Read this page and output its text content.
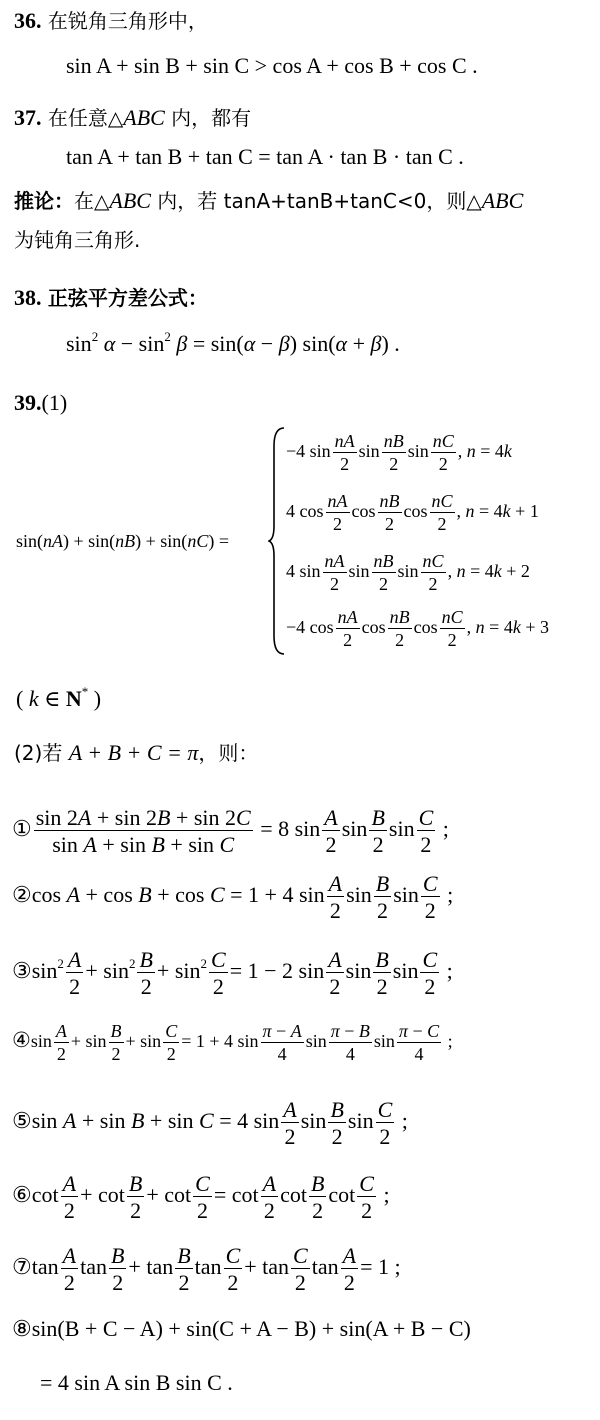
36. 在锐角三角形中，
sin A + sin B + sin C > cos A + cos B + cos C .
37. 在任意△ABC 内，都有
tan A + tan B + tan C = tan A · tan B · tan C .
推论：在△ABC 内，若 tanA+tanB+tanC<0，则△ABC
为钝角三角形.
38. 正弦平方差公式：
$\sin^2 \alpha - \sin^2 \beta = \sin(\alpha - \beta) \sin(\alpha + \beta)$ .
39.(1)
sin(nA) + sin(nB) + sin(nC) =
−4 $\sin \frac{nA}{2}$ $\sin \frac{nB}{2}$ $\sin \frac{nC}{2}$ , n = 4k
4 $\cos \frac{nA}{2}$ $\cos \frac{nB}{2}$ $\cos \frac{nC}{2}$ , n = 4k + 1
4 $\sin \frac{nA}{2}$ $\sin \frac{nB}{2}$ $\sin \frac{nC}{2}$ , n = 4k + 2
−4 $\cos \frac{nA}{2}$ $\cos \frac{nB}{2}$ $\cos \frac{nC}{2}$ , n = 4k + 3
( k ∈ N* )
(2)若 A + B + C = π，则：
① $\frac{\sin 2A + \sin 2B + \sin 2C}{\text{sin A + sin B + sin C}} = 8$ $\sin \frac{A}{2}$ $\sin \frac{B}{2}$ $\sin \frac{C}{2}$ ;
②cos A + cos B + cos C = 1 + 4 $\sin \frac{A}{2}$ $\sin \frac{B}{2}$ $\sin \frac{C}{2}$ ;
$③\sin^2 \frac{A}{2} + \sin^2 \frac{B}{2} + \sin^2 \frac{C}{2} = 1 - 2$ $\sin \frac{A}{2}$ $\sin \frac{B}{2}$ $\sin \frac{C}{2}$ ;
④sin $\frac{A}{2} + \sin \frac{B}{2} + \sin \frac{C}{2} = 1 + 4$ $\sin \frac{\pi - A}{4}$ $\sin \frac{\pi - B}{4}$ $\sin \frac{\pi - C}{4}$ ;
⑤sin A + sin B + sin C = 4 $\sin \frac{A}{2}$ $\sin \frac{B}{2}$ $\sin \frac{C}{2}$ ;
⑥cot $\frac{A}{2} + \cot \frac{B}{2} + \cot \frac{C}{2} = \cot \frac{A}{2}$ $\cot \frac{B}{2}$ $\cot \frac{C}{2}$ ;
⑦tan $\frac{A}{2}$ $\tan \frac{B}{2} + \tan \frac{B}{2}$ $\tan \frac{C}{2} + \tan \frac{C}{2}$ $\tan \frac{A}{2} = 1$ ;
⑧sin(B + C − A) + sin(C + A − B) + sin(A + B − C)
= 4 sin A sin B sin C .
